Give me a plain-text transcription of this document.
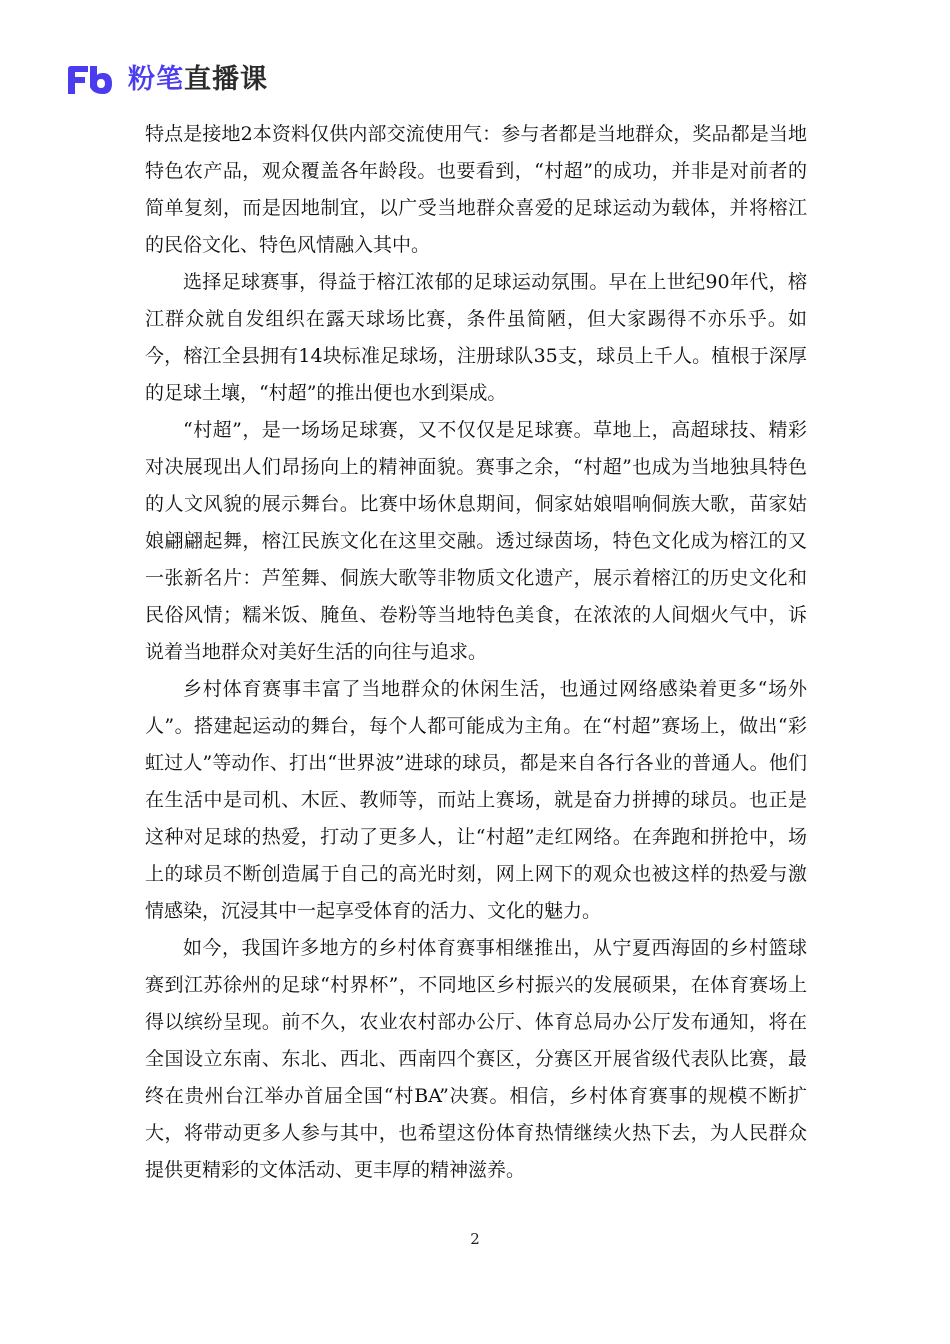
粉笔直播课

特点是接地2本资料仅供内部交流使用气：参与者都是当地群众，奖品都是当地特色农产品，观众覆盖各年龄段。也要看到，“村超”的成功，并非是对前者的简单复刻，而是因地制宜，以广受当地群众喜爱的足球运动为载体，并将榕江的民俗文化、特色风情融入其中。

选择足球赛事，得益于榕江浓郁的足球运动氛围。早在上世纪90年代，榕江群众就自发组织在露天球场比赛，条件虽简陋，但大家踢得不亦乐乎。如今，榕江全县拥有14块标准足球场，注册球队35支，球员上千人。植根于深厚的足球土壤，“村超”的推出便也水到渠成。

“村超”，是一场场足球赛，又不仅仅是足球赛。草地上，高超球技、精彩对决展现出人们昂扬向上的精神面貌。赛事之余，“村超”也成为当地独具特色的人文风貌的展示舞台。比赛中场休息期间，侗家姑娘唱响侗族大歌，苗家姑娘翩翩起舞，榕江民族文化在这里交融。透过绿茵场，特色文化成为榕江的又一张新名片：芦笙舞、侗族大歌等非物质文化遗产，展示着榕江的历史文化和民俗风情；糯米饭、腌鱼、卷粉等当地特色美食，在浓浓的人间烟火气中，诉说着当地群众对美好生活的向往与追求。

乡村体育赛事丰富了当地群众的休闲生活，也通过网络感染着更多“场外人”。搭建起运动的舞台，每个人都可能成为主角。在“村超”赛场上，做出“彩虹过人”等动作、打出“世界波”进球的球员，都是来自各行各业的普通人。他们在生活中是司机、木匠、教师等，而站上赛场，就是奋力拼搏的球员。也正是这种对足球的热爱，打动了更多人，让“村超”走红网络。在奔跑和拼抢中，场上的球员不断创造属于自己的高光时刻，网上网下的观众也被这样的热爱与激情感染，沉浸其中一起享受体育的活力、文化的魅力。

如今，我国许多地方的乡村体育赛事相继推出，从宁夏西海固的乡村篮球赛到江苏徐州的足球“村界杯”，不同地区乡村振兴的发展硕果，在体育赛场上得以缤纷呈现。前不久，农业农村部办公厅、体育总局办公厅发布通知，将在全国设立东南、东北、西北、西南四个赛区，分赛区开展省级代表队比赛，最终在贵州台江举办首届全国“村BA”决赛。相信，乡村体育赛事的规模不断扩大，将带动更多人参与其中，也希望这份体育热情继续火热下去，为人民群众提供更精彩的文体活动、更丰厚的精神滋养。

2
